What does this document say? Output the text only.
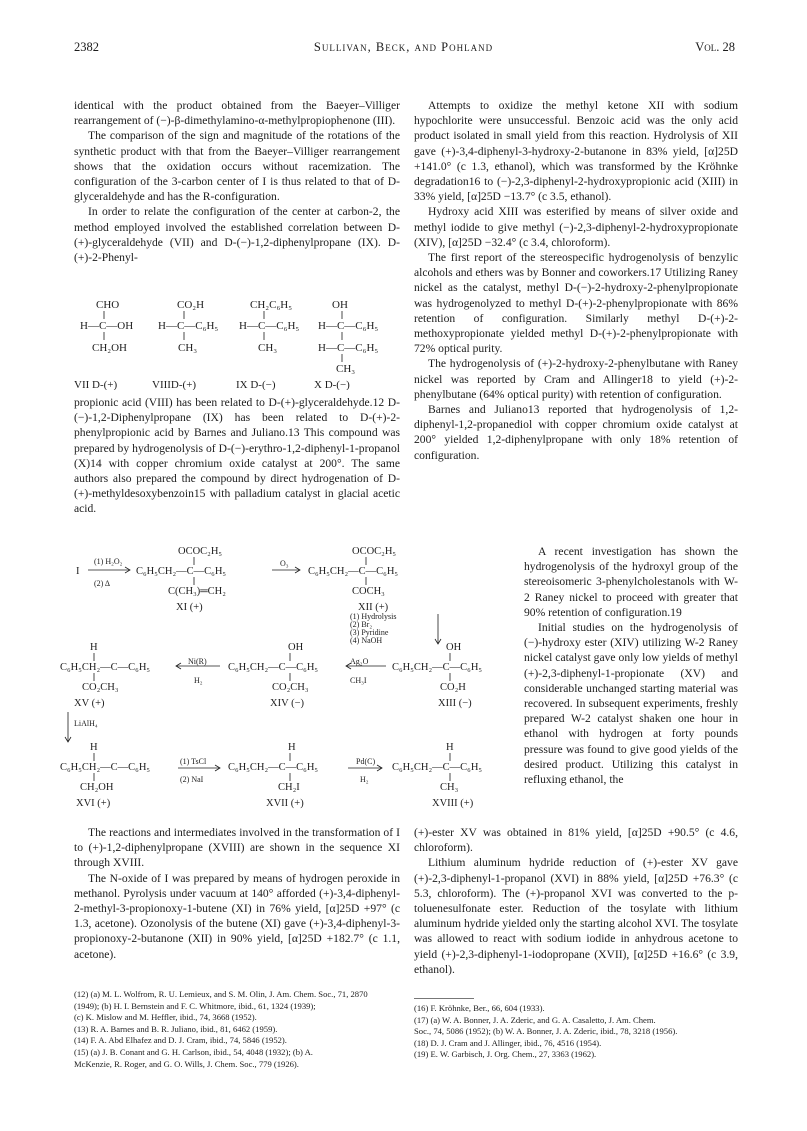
2382	Sullivan, Beck, and Pohland	Vol. 28

identical with the product obtained from the Baeyer–Villiger rearrangement of (−)-β-dimethylamino-α-methylpropiophenone (III).

The comparison of the sign and magnitude of the rotations of the synthetic product with that from the Baeyer–Villiger rearrangement shows that the oxidation occurs without racemization. The configuration of the 3-carbon center of I is thus related to that of D-glyceraldehyde and has the R-configuration.

In order to relate the configuration of the center at carbon-2, the method employed involved the established correlation between D-(+)-glyceraldehyde (VII) and D-(−)-1,2-diphenylpropane (IX). D-(+)-2-Phenyl-

CHO	CO₂H	CH₂C₆H₅	OH
H—C—OH H—C—C₆H₅ H—C—C₆H₅ H—C—C₆H₅
CH₂OH	CH₃	CH₃	H—C—C₆H₅
CH₃
VII D-(+)	VIIID-(+)	IX D-(−)	X D-(−)

propionic acid (VIII) has been related to D-(+)-glyceraldehyde.12 D-(−)-1,2-Diphenylpropane (IX) has been related to D-(+)-2-phenylpropionic acid by Barnes and Juliano.13 This compound was prepared by hydrogenolysis of D-(−)-erythro-1,2-diphenyl-1-propanol (X)14 with copper chromium oxide catalyst at 200°. The same authors also prepared the compound by direct hydrogenation of D-(+)-methyldesoxybenzoin15 with palladium catalyst in glacial acetic acid.

Attempts to oxidize the methyl ketone XII with sodium hypochlorite were unsuccessful. Benzoic acid was the only acid product isolated in small yield from this reaction. Hydrolysis of XII gave (+)-3,4-diphenyl-3-hydroxy-2-butanone in 83% yield, [α]25D +141.0° (c 1.3, ethanol), which was transformed by the Kröhnke degradation16 to (−)-2,3-diphenyl-2-hydroxypropionic acid (XIII) in 33% yield, [α]25D −13.7° (c 3.5, ethanol).

Hydroxy acid XIII was esterified by means of silver oxide and methyl iodide to give methyl (−)-2,3-diphenyl-2-hydroxypropionate (XIV), [α]25D −32.4° (c 3.4, chloroform).

The first report of the stereospecific hydrogenolysis of benzylic alcohols and ethers was by Bonner and coworkers.17 Utilizing Raney nickel as the catalyst, methyl D-(−)-2-hydroxy-2-phenylpropionate was hydrogenolyzed to methyl D-(+)-2-phenylpropionate with 86% retention of configuration. Similarly methyl D-(+)-2-methoxypropionate yielded methyl D-(+)-2-phenylpropionate with 72% optical purity.

The hydrogenolysis of (+)-2-hydroxy-2-phenylbutane with Raney nickel was reported by Cram and Allinger18 to yield (+)-2-phenylbutane (64% optical purity) with retention of configuration.

Barnes and Juliano13 reported that hydrogenolysis of 1,2-diphenyl-1,2-propanediol with copper chromium oxide catalyst at 200° yielded 1,2-diphenylpropane with only 18% retention of configuration.

A recent investigation has shown the hydrogenolysis of the hydroxyl group of the stereoisomeric 3-phenylcholestanols with W-2 Raney nickel to proceed with greater that 90% retention of configuration.19

Initial studies on the hydrogenolysis of (−)-hydroxy ester (XIV) utilizing W-2 Raney nickel catalyst gave only low yields of methyl (+)-2,3-diphenyl-1-propionate (XV) and considerable unchanged starting material was recovered. In subsequent experiments, freshly prepared W-2 catalyst shaken one hour in ethanol with hydrogen at forty pounds pressure was found to give good yields of the desired product. Utilizing this catalyst in refluxing ethanol, the

OCOC₂H₅
C₆H₅CH₂—C—C₆H₅
C(CH₃)═CH₂
XI (+)
I
OCOC₂H₅
C₆H₅CH₂—C—C₆H₅
COCH₃
XII (+)
H
C₆H₅CH₂—C—C₆H₅
CO₂CH₃
XV (+)
OH
C₆H₅CH₂—C—C₆H₅
CO₂CH₃
XIV (−)
OH
C₆H₅CH₂—C—C₆H₅
CO₂H
XIII (−)
H
C₆H₅CH₂—C—C₆H₅
CH₂OH
XVI (+)
H
C₆H₅CH₂—C—C₆H₅
CH₂I
XVII (+)
H
C₆H₅CH₂—C—C₆H₅
CH₃
XVIII (+)
(1) H₂O₂
(2) Δ
O₃
(1) Hydrolysis
(2) Br₂
(3) Pyridine
(4) NaOH
Ni(R)
H₂
Ag₂O
CH₃I
LiAlH₄
(1) TsCl
(2) NaI
Pd(C)
H₂

The reactions and intermediates involved in the transformation of I to (+)-1,2-diphenylpropane (XVIII) are shown in the sequence XI through XVIII.

The N-oxide of I was prepared by means of hydrogen peroxide in methanol. Pyrolysis under vacuum at 140° afforded (+)-3,4-diphenyl-2-methyl-3-propionoxy-1-butene (XI) in 76% yield, [α]25D +97° (c 1.3, acetone). Ozonolysis of the butene (XI) gave (+)-3,4-diphenyl-3-propionoxy-2-butanone (XII) in 90% yield, [α]25D +182.7° (c 1.1, acetone).

(+)-ester XV was obtained in 81% yield, [α]25D +90.5° (c 4.6, chloroform).

Lithium aluminum hydride reduction of (+)-ester XV gave (+)-2,3-diphenyl-1-propanol (XVI) in 88% yield, [α]25D +76.3° (c 5.3, chloroform). The (+)-propanol XVI was converted to the p-toluenesulfonate ester. Reduction of the tosylate with lithium aluminum hydride yielded only the starting alcohol XVI. The tosylate was allowed to react with sodium iodide in anhydrous acetone to yield (+)-2,3-diphenyl-1-iodopropane (XVII), [α]25D +16.6° (c 3.9, ethanol).

(12) (a) M. L. Wolfrom, R. U. Lemieux, and S. M. Olin, J. Am. Chem. Soc., 71, 2870
(1949); (b) H. I. Bernstein and F. C. Whitmore, ibid., 61, 1324 (1939);
(c) K. Mislow and M. Heffler, ibid., 74, 3668 (1952).
(13) R. A. Barnes and B. R. Juliano, ibid., 81, 6462 (1959).
(14) F. A. Abd Elhafez and D. J. Cram, ibid., 74, 5846 (1952).
(15) (a) J. B. Conant and G. H. Carlson, ibid., 54, 4048 (1932); (b) A.
McKenzie, R. Roger, and G. O. Wills, J. Chem. Soc., 779 (1926).
(16) F. Kröhnke, Ber., 66, 604 (1933).
(17) (a) W. A. Bonner, J. A. Zderic, and G. A. Casaletto, J. Am. Chem.
Soc., 74, 5086 (1952); (b) W. A. Bonner, J. A. Zderic, ibid., 78, 3218 (1956).
(18) D. J. Cram and J. Allinger, ibid., 76, 4516 (1954).
(19) E. W. Garbisch, J. Org. Chem., 27, 3363 (1962).
